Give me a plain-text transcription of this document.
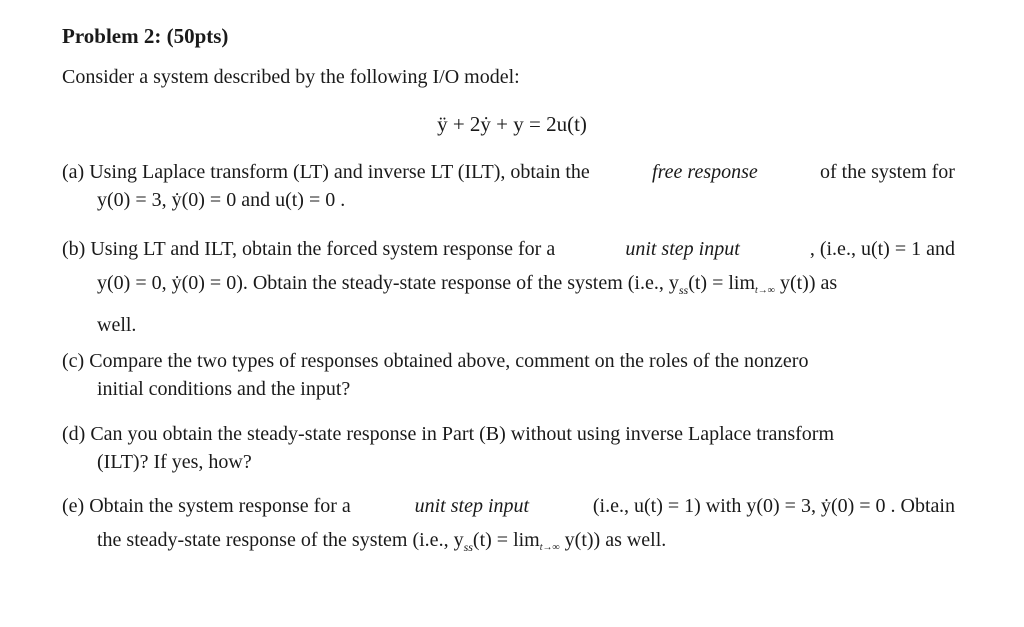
Problem 2: (50pts)
Consider a system described by the following I/O model:
ÿ + 2ẏ + y = 2u(t)
(a) Using Laplace transform (LT) and inverse LT (ILT), obtain the	free response	of the system for
y(0) = 3, ẏ(0) = 0 and u(t) = 0 .
(b) Using LT and ILT, obtain the forced system response for a	unit step input	, (i.e., u(t) = 1 and
y(0) = 0, ẏ(0) = 0). Obtain the steady-state response of the system (i.e., $y_{ss}(t) = \lim_{t\to\infty} y(t)$) as
well.
(c) Compare the two types of responses obtained above, comment on the roles of the nonzero
initial conditions and the input?
(d) Can you obtain the steady-state response in Part (B) without using inverse Laplace transform
(ILT)? If yes, how?
(e) Obtain the system response for a	unit step input	(i.e., u(t) = 1) with y(0) = 3, ẏ(0) = 0 . Obtain
the steady-state response of the system (i.e., $y_{ss}(t) = \lim_{t\to\infty} y(t)$) as well.
